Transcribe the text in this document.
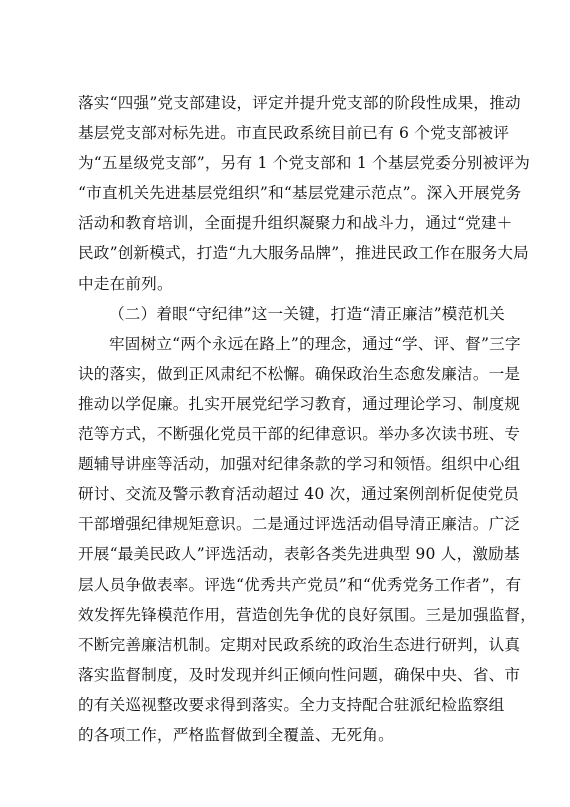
落实“四强”党支部建设，评定并提升党支部的阶段性成果，推动
基层党支部对标先进。市直民政系统目前已有 6 个党支部被评
为“五星级党支部”，另有 1 个党支部和 1 个基层党委分别被评为
“市直机关先进基层党组织”和“基层党建示范点”。深入开展党务
活动和教育培训，全面提升组织凝聚力和战斗力，通过“党建＋
民政”创新模式，打造“九大服务品牌”，推进民政工作在服务大局
中走在前列。
（二）着眼“守纪律”这一关键，打造“清正廉洁”模范机关
牢固树立“两个永远在路上”的理念，通过“学、评、督”三字
诀的落实，做到正风肃纪不松懈。确保政治生态愈发廉洁。一是
推动以学促廉。扎实开展党纪学习教育，通过理论学习、制度规
范等方式，不断强化党员干部的纪律意识。举办多次读书班、专
题辅导讲座等活动，加强对纪律条款的学习和领悟。组织中心组
研讨、交流及警示教育活动超过 40 次，通过案例剖析促使党员
干部增强纪律规矩意识。二是通过评选活动倡导清正廉洁。广泛
开展“最美民政人”评选活动，表彰各类先进典型 90 人，激励基
层人员争做表率。评选“优秀共产党员”和“优秀党务工作者”，有
效发挥先锋模范作用，营造创先争优的良好氛围。三是加强监督，
不断完善廉洁机制。定期对民政系统的政治生态进行研判，认真
落实监督制度，及时发现并纠正倾向性问题，确保中央、省、市
的有关巡视整改要求得到落实。全力支持配合驻派纪检监察组
的各项工作，严格监督做到全覆盖、无死角。
